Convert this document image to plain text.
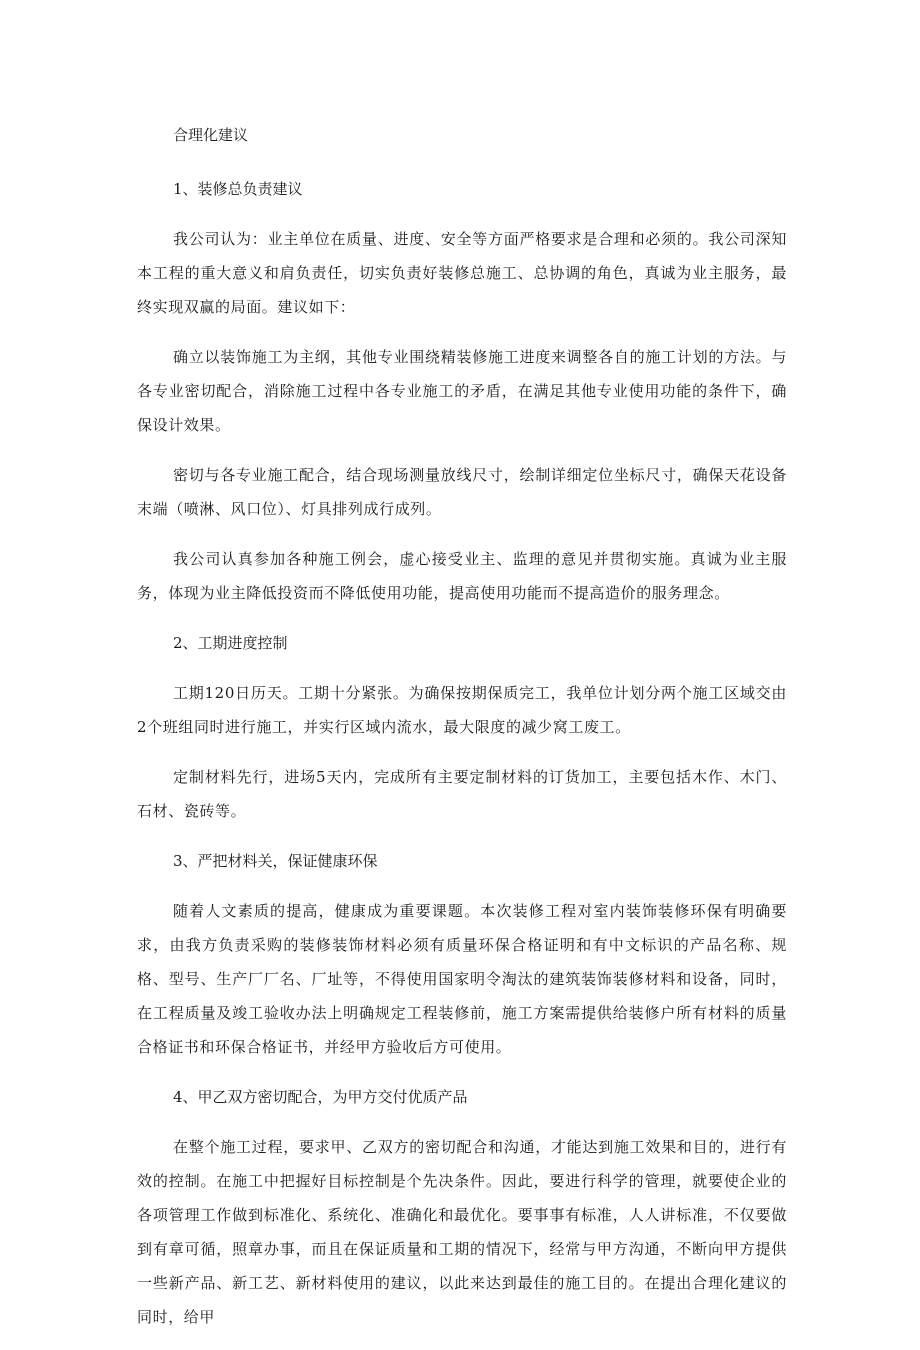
合理化建议
1、装修总负责建议

我公司认为：业主单位在质量、进度、安全等方面严格要求是合理和必须的。我公司深知本工程的重大意义和肩负责任，切实负责好装修总施工、总协调的角色，真诚为业主服务，最终实现双赢的局面。建议如下：

确立以装饰施工为主纲，其他专业围绕精装修施工进度来调整各自的施工计划的方法。与各专业密切配合，消除施工过程中各专业施工的矛盾，在满足其他专业使用功能的条件下，确保设计效果。

密切与各专业施工配合，结合现场测量放线尺寸，绘制详细定位坐标尺寸，确保天花设备末端（喷淋、风口位）、灯具排列成行成列。

我公司认真参加各种施工例会，虚心接受业主、监理的意见并贯彻实施。真诚为业主服务，体现为业主降低投资而不降低使用功能，提高使用功能而不提高造价的服务理念。

2、工期进度控制

工期120日历天。工期十分紧张。为确保按期保质完工，我单位计划分两个施工区域交由2个班组同时进行施工，并实行区域内流水，最大限度的减少窝工废工。

定制材料先行，进场5天内，完成所有主要定制材料的订货加工，主要包括木作、木门、石材、瓷砖等。

3、严把材料关，保证健康环保

随着人文素质的提高，健康成为重要课题。本次装修工程对室内装饰装修环保有明确要求，由我方负责采购的装修装饰材料必须有质量环保合格证明和有中文标识的产品名称、规格、型号、生产厂厂名、厂址等，不得使用国家明令淘汰的建筑装饰装修材料和设备，同时，在工程质量及竣工验收办法上明确规定工程装修前，施工方案需提供给装修户所有材料的质量合格证书和环保合格证书，并经甲方验收后方可使用。

4、甲乙双方密切配合，为甲方交付优质产品

在整个施工过程，要求甲、乙双方的密切配合和沟通，才能达到施工效果和目的，进行有效的控制。在施工中把握好目标控制是个先决条件。因此，要进行科学的管理，就要使企业的各项管理工作做到标准化、系统化、准确化和最优化。要事事有标准，人人讲标准，不仅要做到有章可循，照章办事，而且在保证质量和工期的情况下，经常与甲方沟通，不断向甲方提供一些新产品、新工艺、新材料使用的建议，以此来达到最佳的施工目的。在提出合理化建议的同时，给甲
